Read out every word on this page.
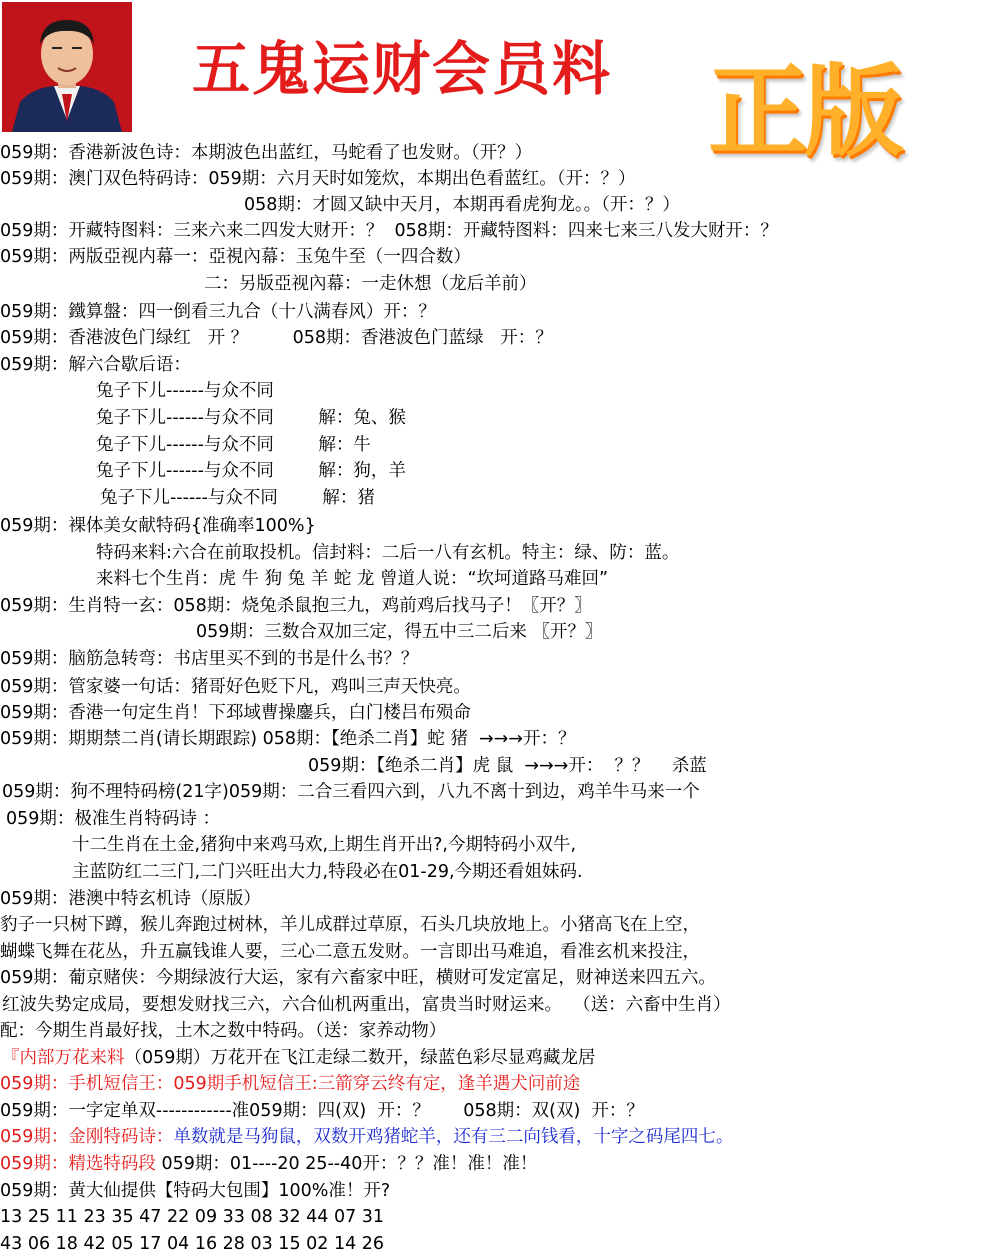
五鬼运财会员料 正版
059期：香港新波色诗：本期波色出蓝红，马蛇看了也发财。（开？）
059期：澳门双色特码诗：059期：六月天时如笼炊，本期出色看蓝红。（开：？）
058期：才圆又缺中天月，本期再看虎狗龙。。（开：？）
059期：开藏特图料：三来六来二四发大财开：？  058期：开藏特图料：四来七来三八发大财开：？
059期：两版亞视内幕一：亞視內幕：玉兔牛至（一四合数）
二：另版亞视內幕：一走休想（龙后羊前）
059期：鐵算盤：四一倒看三九合（十八满春风）开：？
059期：香港波色门绿红   开 ？        058期：香港波色门蓝绿   开：？
059期：解六合歇后语：
兔子下儿------与众不同
兔子下儿------与众不同        解：兔、猴
兔子下儿------与众不同        解：牛
兔子下儿------与众不同        解：狗，羊
兔子下儿------与众不同        解：猪
059期：裸体美女献特码{准确率100%}
特码来料:六合在前取投机。信封料：二后一八有玄机。特主：绿、防：蓝。
来料七个生肖：虎 牛 狗 兔 羊 蛇 龙 曾道人说：“坎坷道路马难回”
059期：生肖特一玄：058期：烧兔杀鼠抱三九，鸡前鸡后找马子！〖开？〗
059期：三数合双加三定，得五中三二后来 〖开？〗
059期：脑筋急转弯：书店里买不到的书是什么书？？
059期：管家婆一句话：猪哥好色贬下凡，鸡叫三声天快亮。
059期：香港一句定生肖！下邳域曹操鏖兵，白门楼吕布殒命
059期：期期禁二肖(请长期跟踪) 058期：【绝杀二肖】蛇 猪  →→→开：？
059期：【绝杀二肖】虎 鼠  →→→开：  ？？    杀蓝
059期：狗不理特码榜(21字)059期：二合三看四六到，八九不离十到边，鸡羊牛马来一个
059期：极准生肖特码诗 ：
十二生肖在土金,猪狗中来鸡马欢,上期生肖开出?,今期特码小双牛,
主蓝防红二三门,二门兴旺出大力,特段必在01-29,今期还看姐妹码.
059期：港澳中特玄机诗（原版）
豹子一只树下蹲，猴儿奔跑过树林，羊儿成群过草原，石头几块放地上。小猪高飞在上空，
蝴蝶飞舞在花丛，升五赢钱谁人要，三心二意五发财。一言即出马难追，看准玄机来投注，
059期：葡京赌侠：今期绿波行大运，家有六畜家中旺，横财可发定富足，财神送来四五六。
红波失势定成局，要想发财找三六，六合仙机两重出，富贵当时财运来。  （送：六畜中生肖）
配：今期生肖最好找，土木之数中特码。（送：家养动物）
『内部万花来料（059期）万花开在飞江走绿二数开，绿蓝色彩尽显鸡藏龙居
059期：手机短信王：059期手机短信王:三箭穿云终有定，逢羊遇犬问前途
059期：一字定单双------------准059期：四(双)  开：？      058期：双(双)  开：？
059期：金刚特码诗：单数就是马狗鼠，双数开鸡猪蛇羊，还有三二向钱看，十字之码尾四七。
059期：精选特码段 059期：01----20 25--40开：？？准！准！准！
059期：黄大仙提供【特码大包围】100%准！开?
13 25 11 23 35 47 22 09 33 08 32 44 07 31
43 06 18 42 05 17 04 16 28 03 15 02 14 26
